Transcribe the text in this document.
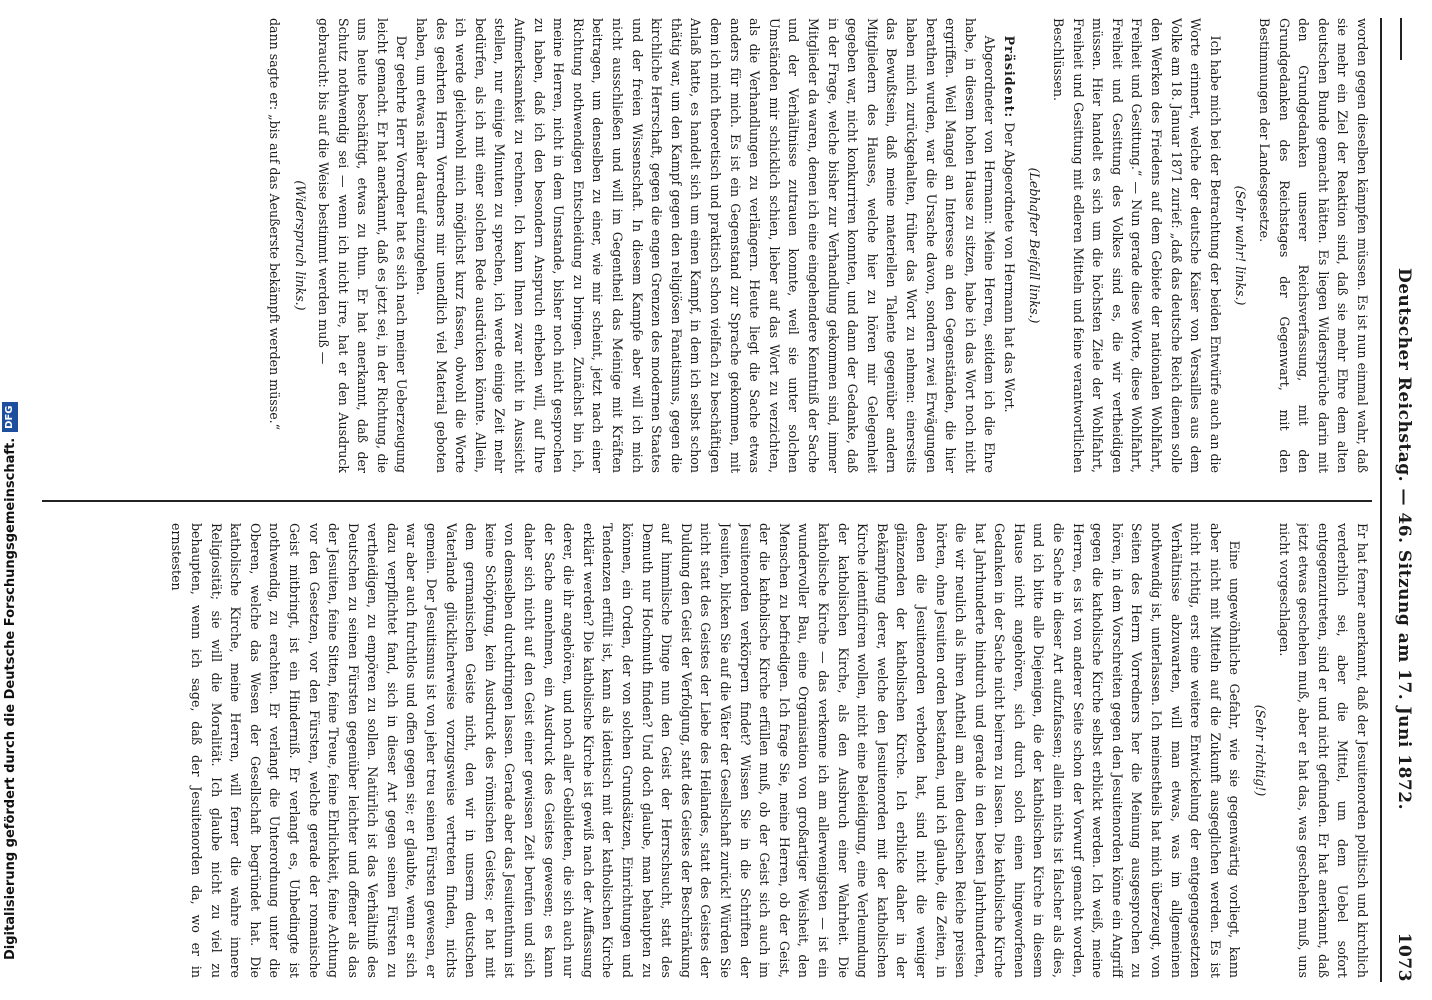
Deutscher Reichstag. — 46. Sitzung am 17. Juni 1872.
1073

worden gegen dieselben kämpfen müssen. Es ist nun einmal wahr, daß sie mehr ein Ziel der Reaktion sind, daß sie mehr Ehre dem alten deutschen Bunde gemacht hätten. Es liegen Widersprüche darin mit den Grundgedanken unserer Reichsverfassung, mit den Grundgedanken des Reichstages der Gegenwart, mit den Bestimmungen der Landesgesetze.

(Sehr wahr! links.)

Ich habe mich bei der Betrachtung der beiden Entwürfe auch an die Worte erinnert, welche der deutsche Kaiser von Versailles aus dem Volke am 18. Januar 1871 zurief: „daß das deutsche Reich dienen solle den Werken des Friedens auf dem Gebiete der nationalen Wohlfahrt, Freiheit und Gesittung.“ — Nun gerade diese Worte, diese Wohlfahrt, Freiheit und Gesittung des Volkes sind es, die wir vertheidigen müssen. Hier handelt es sich um die höchsten Ziele der Wohlfahrt, Freiheit und Gesittung mit edleren Mitteln und feine verantwortlichen Beschlüssen.

(Lebhafter Beifall links.)

Präsident: Der Abgeordnete von Hermann hat das Wort.

Abgeordneter von Hermann: Meine Herren, seitdem ich die Ehre habe, in diesem hohen Hause zu sitzen, habe ich das Wort noch nicht ergriffen. Weil Mangel an Interesse an den Gegenständen, die hier berathen wurden, war die Ursache davon, sondern zwei Erwägungen haben mich zurückgehalten, früher das Wort zu nehmen: einerseits das Bewußtsein, daß meine materiellen Talente gegenüber andern Mitgliedern des Hauses, welche hier zu hören mir Gelegenheit gegeben war, nicht konkurriren konnten, und dann der Gedanke, daß in der Frage, welche bisher zur Verhandlung gekommen sind, immer Mitglieder da waren, denen ich eine eingehendere Kenntniß der Sache und der Verhältnisse zutrauen konnte, weil sie unter solchen Umständen mir schicklich schien, lieber auf das Wort zu verzichten, als die Verhandlungen zu verlängern. Heute liegt die Sache etwas anders für mich. Es ist ein Gegenstand zur Sprache gekommen, mit dem ich mich theoretisch und praktisch schon vielfach zu beschäftigen Anlaß hatte, es handelt sich um einen Kampf, in dem ich selbst schon thätig war, um den Kampf gegen den religiösen Fanatismus, gegen die kirchliche Herrschaft, gegen die engen Grenzen des modernen Staates und der freien Wissenschaft. In diesem Kampfe aber will ich mich nicht ausschließen und will im Gegentheil das Meinige mit Kräften beitragen, um denselben zu einer, wie mir scheint, jetzt nach einer Richtung nothwendigen Entscheidung zu bringen. Zunächst bin ich, meine Herren, nicht in dem Umstande, bisher noch nicht gesprochen zu haben, daß ich den besondern Anspruch erheben will, auf Ihre Aufmerksamkeit zu rechnen. Ich kann Ihnen zwar nicht in Aussicht stellen, nur einige Minuten zu sprechen, ich werde einige Zeit mehr bedürfen, als ich mit einer solchen Rede ausdrücken könnte. Allein, ich werde gleichwohl mich möglichst kurz fassen, obwohl die Worte des geehrten Herrn Vorredners mir unendlich viel Material geboten haben, um etwas näher darauf einzugehen.

Der geehrte Herr Vorredner hat es sich nach meiner Ueberzeugung leicht gemacht. Er hat anerkannt, daß es jetzt sei, in der Richtung, die uns heute beschäftigt, etwas zu thun. Er hat anerkannt, daß der Schutz nothwendig sei — wenn ich nicht irre, hat er den Ausdruck gebraucht: bis auf die Weise bestimmt werden muß —

(Widerspruch links.)

dann sagte er: „bis auf das Aeußerste bekämpft werden müsse.“

Er hat ferner anerkannt, daß der Jesuitenorden politisch und kirchlich verderblich sei, aber die Mittel, um dem Uebel sofort entgegenzutreten, sind er und nicht gefunden. Er hat anerkannt, daß jetzt etwas geschehen muß, aber er hat das, was geschehen muß, uns nicht vorgeschlagen.

(Sehr richtig!)

Eine ungewöhnliche Gefahr, wie sie gegenwärtig vorliegt, kann aber nicht mit Mitteln auf die Zukunft ausgeglichen werden. Es ist nicht richtig, erst eine weitere Entwickelung der entgegengesetzten Verhältnisse abzuwarten, will man etwas, was im allgemeinen nothwendig ist, unterlassen. Ich meinestheils hat mich überzeugt, von Seiten des Herrn Vorredners her die Meinung ausgesprochen zu hören, in dem Vorschreiten gegen den Jesuitenorden könne ein Angriff gegen die katholische Kirche selbst erblickt werden. Ich weiß, meine Herren, es ist von anderer Seite schon der Vorwurf gemacht worden, die Sache in dieser Art aufzufassen; allein nichts ist falscher als dies, und ich bitte alle Diejenigen, die der katholischen Kirche in diesem Hause nicht angehören, sich durch solch einen hingeworfenen Gedanken in der Sache nicht beirren zu lassen. Die katholische Kirche hat Jahrhunderte hindurch und gerade in den besten Jahrhunderten, die wir neulich als ihren Antheil am alten deutschen Reiche preisen hörten, ohne Jesuiten orden bestanden, und ich glaube, die Zeiten, in denen die Jesuitenorden verboten hat, sind nicht die weniger glänzenden der katholischen Kirche. Ich erblicke daher in der Bekämpfung derer, welche den Jesuitenorden mit der katholischen Kirche identificiren wollen, nicht eine Beleidigung, eine Verleumdung der katholischen Kirche, als den Ausbruch einer Wahrheit. Die katholische Kirche — das verkenne ich am allerwenigsten — ist ein wundervoller Bau, eine Organisation von großartiger Weisheit, den Menschen zu befriedigen. Ich frage Sie, meine Herren, ob der Geist, der die katholische Kirche erfüllen muß, ob der Geist sich auch im Jesuitenorden verkörpern findet? Wissen Sie in die Schriften der Jesuiten, blicken Sie auf die Väter der Gesellschaft zurück! Würden Sie nicht statt des Geistes der Liebe des Heilandes, statt des Geistes der Duldung den Geist der Verfolgung, statt des Geistes der Beschränkung auf himmlische Dinge nun den Geist der Herrschsucht, statt des Demuth nur Hochmuth finden? Und doch glaube, man behaupten zu können, ein Orden, der von solchen Grundsätzen, Einrichtungen und Tendenzen erfüllt ist, kann als identisch mit der katholischen Kirche erklärt werden? Die katholische Kirche ist gewiß nach der Auffassung derer, die ihr angehören, und noch aller Gebildeten, die sich auch nur der Sache annehmen, ein Ausdruck des Geistes gewesen; es kann daher sich nicht auf den Geist einer gewissen Zeit berufen und sich von demselben durchdringen lassen. Gerade aber das Jesuitenthum ist keine Schöpfung, kein Ausdruck des römischen Geistes; er hat mit dem germanischen Geiste nicht, den wir in unserm deutschen Vaterlande glücklicherweise vorzugsweise vertreten finden, nichts gemein. Der Jesuitismus ist von jeher treu seinen Fürsten gewesen, er war aber auch furchtlos und offen gegen sie; er glaubte, wenn er sich dazu verpflichtet fand, sich in dieser Art gegen seinen Fürsten zu vertheidigen, zu empören zu sollen. Natürlich ist das Verhältniß des Deutschen zu seinen Fürsten gegenüber leichter und offener als das der Jesuiten, feine Sitten, feine Treue, feine Ehrlichkeit, feine Achtung vor den Gesetzen, vor den Fürsten, welche gerade der romanische Geist mitbringt, ist ein Hinderniß. Er verlangt es, Unbedingte ist nothwendig, zu erachten. Er verlangt die Unterordnung unter die Oberen, welche das Wesen der Gesellschaft begründet hat. Die katholische Kirche, meine Herren, will ferner die wahre innere Religiosität; sie will die Moralität. Ich glaube nicht zu viel zu behaupten, wenn ich sage, daß der Jesuitenorden da, wo er in ernstesten

Digitalisierung gefördert durch die Deutsche Forschungsgemeinschaft.
DFG
